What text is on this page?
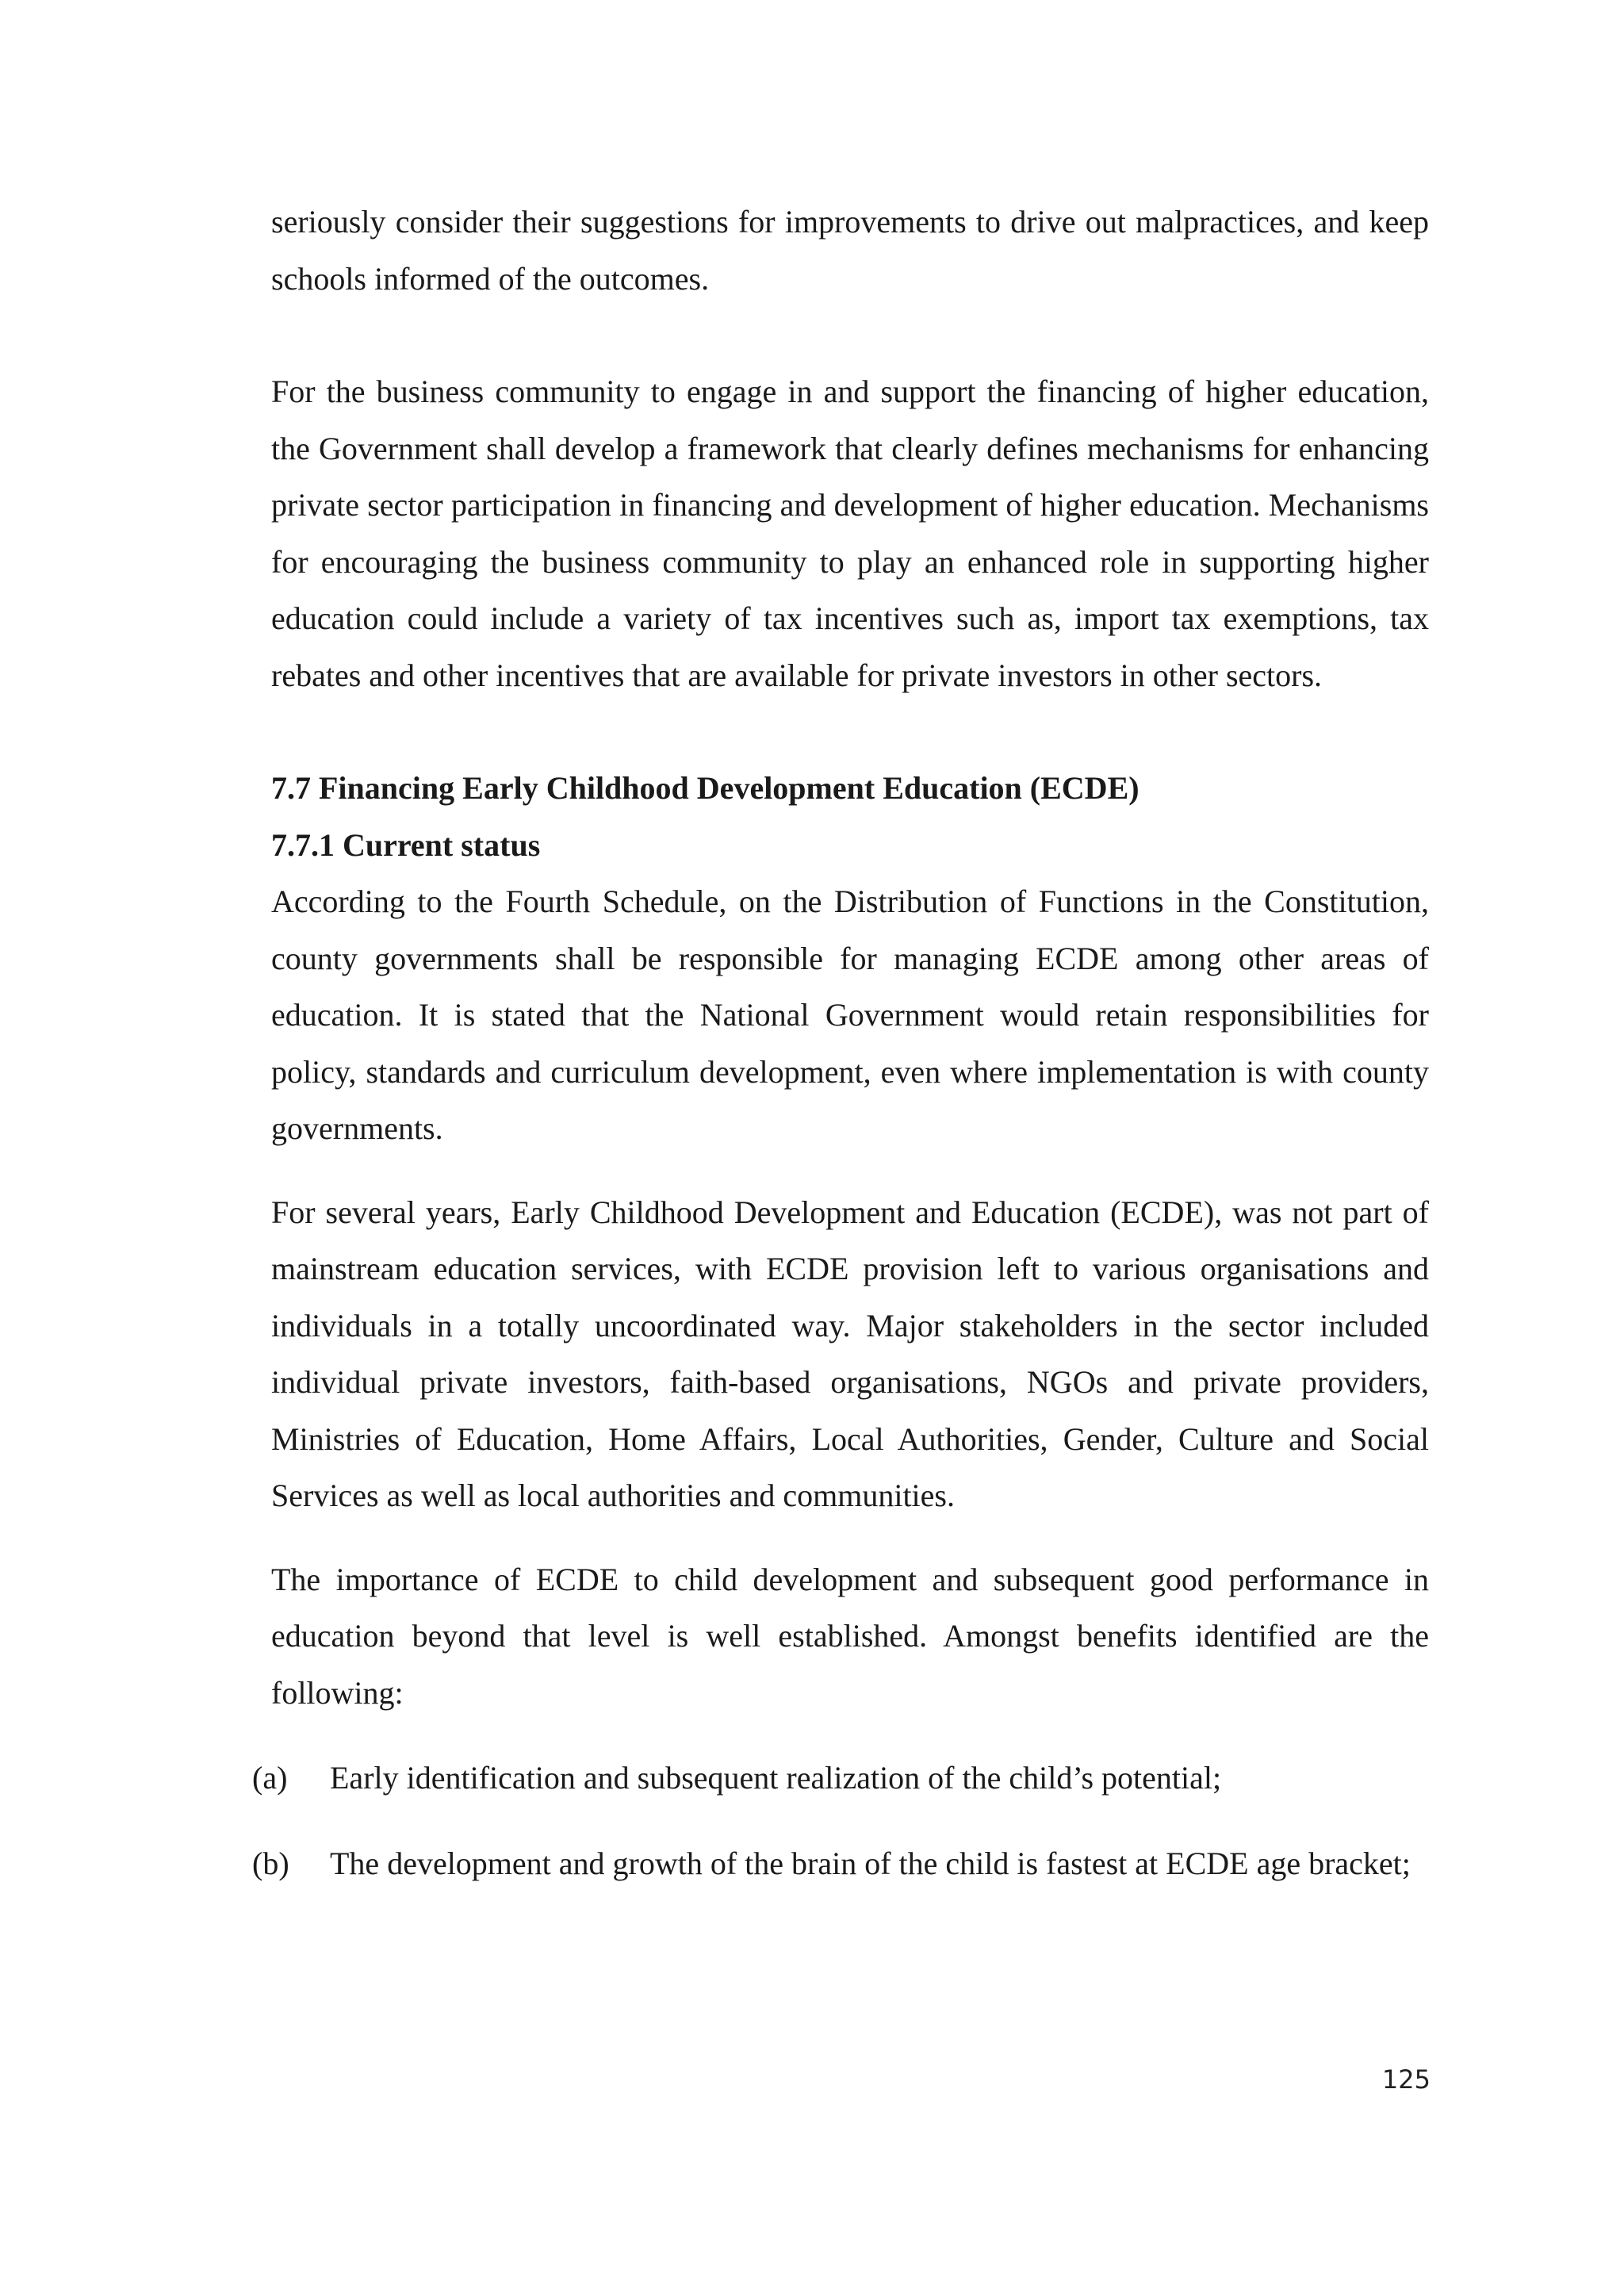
seriously consider their suggestions for improvements to drive out malpractices, and keep schools informed of the outcomes.

For the business community to engage in and support the financing of higher education, the Government shall develop a framework that clearly defines mechanisms for enhancing private sector participation in financing and development of higher education. Mechanisms for encouraging the business community to play an enhanced role in supporting higher education could include a variety of tax incentives such as, import tax exemptions, tax rebates and other incentives that are available for private investors in other sectors.

7.7 Financing Early Childhood Development Education (ECDE)
7.7.1 Current status

According to the Fourth Schedule, on the Distribution of Functions in the Constitution, county governments shall be responsible for managing ECDE among other areas of education. It is stated that the National Government would retain responsibilities for policy, standards and curriculum development, even where implementation is with county governments.

For several years, Early Childhood Development and Education (ECDE), was not part of mainstream education services, with ECDE provision left to various organisations and individuals in a totally uncoordinated way. Major stakeholders in the sector included individual private investors, faith-based organisations, NGOs and private providers, Ministries of Education, Home Affairs, Local Authorities, Gender, Culture and Social Services as well as local authorities and communities.

The importance of ECDE to child development and subsequent good performance in education beyond that level is well established. Amongst benefits identified are the following:

(a) Early identification and subsequent realization of the child’s potential;

(b) The development and growth of the brain of the child is fastest at ECDE age bracket;

125
